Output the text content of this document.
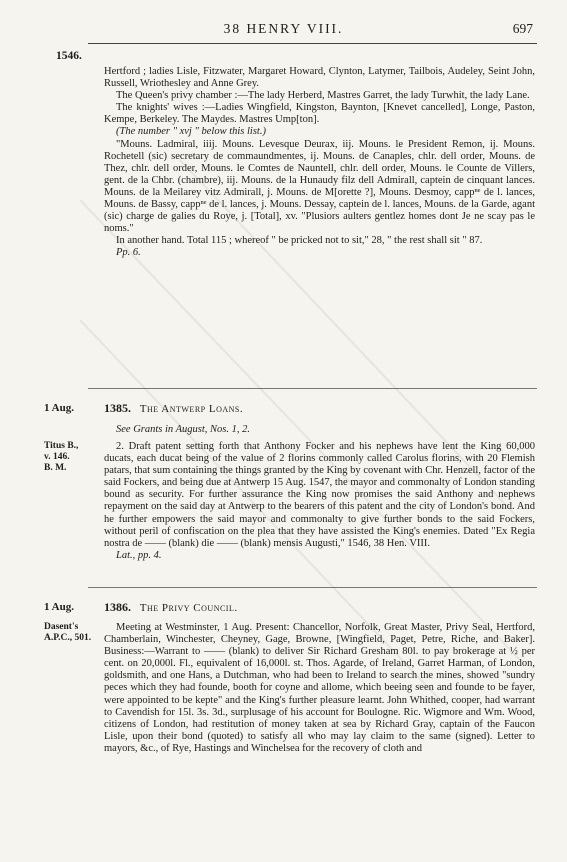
38 HENRY VIII.	697
1546.

Hertford ; ladies Lisle, Fitzwater, Margaret Howard, Clynton, Latymer, Tailbois, Audeley, Seint John, Russell, Wriothesley and Anne Grey.

The Queen's privy chamber :—The lady Herberd, Mastres Garret, the lady Turwhit, the lady Lane.

The knights' wives :—Ladies Wingfield, Kingston, Baynton, [Knevet cancelled], Longe, Paston, Kempe, Berkeley. The Maydes. Mastres Ump[ton].

(The number " xvj " below this list.)

"Mouns. Ladmiral, iiij. Mouns. Levesque Deurax, iij. Mouns. le President Remon, ij. Mouns. Rochetell (sic) secretary de commaundmentes, ij. Mouns. de Canaples, chlr. dell order, Mouns. de Thez, chlr. dell order, Mouns. le Comtes de Nauntell, chlr. dell order, Mouns. le Counte de Villers, gent. de la Chbr. (chambre), iij. Mouns. de la Hunaudy filz dell Admirall, captein de cinquant lances. Mouns. de la Meilarey vitz Admirall, j. Mouns. de M[orette ?], Mouns. Desmoy, cappⁿᵉ de l. lances, Mouns. de Bassy, cappⁿᵉ de l. lances, j. Mouns. Dessay, captein de l. lances, Mouns. de la Garde, agant (sic) charge de galies du Roye, j. [Total], xv. "Plusiors aulters gentlez homes dont Je ne scay pas le noms."

In another hand. Total 115 ; whereof " be pricked not to sit," 28, " the rest shall sit " 87.

Pp. 6.

1 Aug.	1385. The Antwerp Loans.
See Grants in August, Nos. 1, 2.
Titus B.,
v. 146.
B. M.

2. Draft patent setting forth that Anthony Focker and his nephews have lent the King 60,000 ducats, each ducat being of the value of 2 florins commonly called Carolus florins, with 20 Flemish patars, that sum containing the things granted by the King by covenant with Chr. Henzell, factor of the said Fockers, and being due at Antwerp 15 Aug. 1547, the mayor and commonalty of London standing bound as security. For further assurance the King now promises the said Anthony and nephews repayment on the said day at Antwerp to the bearers of this patent and the city of London's bond. And he further empowers the said mayor and commonalty to give further bonds to the said Fockers, without peril of confiscation on the plea that they have assisted the King's enemies. Dated "Ex Regia nostra de —— (blank) die —— (blank) mensis Augusti," 1546, 38 Hen. VIII.

Lat., pp. 4.

1 Aug.	1386. The Privy Council.
Dasent's
A.P.C., 501.

Meeting at Westminster, 1 Aug. Present: Chancellor, Norfolk, Great Master, Privy Seal, Hertford, Chamberlain, Winchester, Cheyney, Gage, Browne, [Wingfield, Paget, Petre, Riche, and Baker]. Business:—Warrant to —— (blank) to deliver Sir Richard Gresham 80l. to pay brokerage at ½ per cent. on 20,000l. Fl., equivalent of 16,000l. st. Thos. Agarde, of Ireland, Garret Harman, of London, goldsmith, and one Hans, a Dutchman, who had been to Ireland to search the mines, showed "sundry peces which they had founde, booth for coyne and allome, which beeing seen and founde to be fayer, were appointed to be kepte" and the King's further pleasure learnt. John Whithed, cooper, had warrant to Cavendish for 15l. 3s. 3d., surplusage of his account for Boulogne. Ric. Wigmore and Wm. Wood, citizens of London, had restitution of money taken at sea by Richard Gray, captain of the Faucon Lisle, upon their bond (quoted) to satisfy all who may lay claim to the same (signed). Letter to mayors, &c., of Rye, Hastings and Winchelsea for the recovery of cloth and
